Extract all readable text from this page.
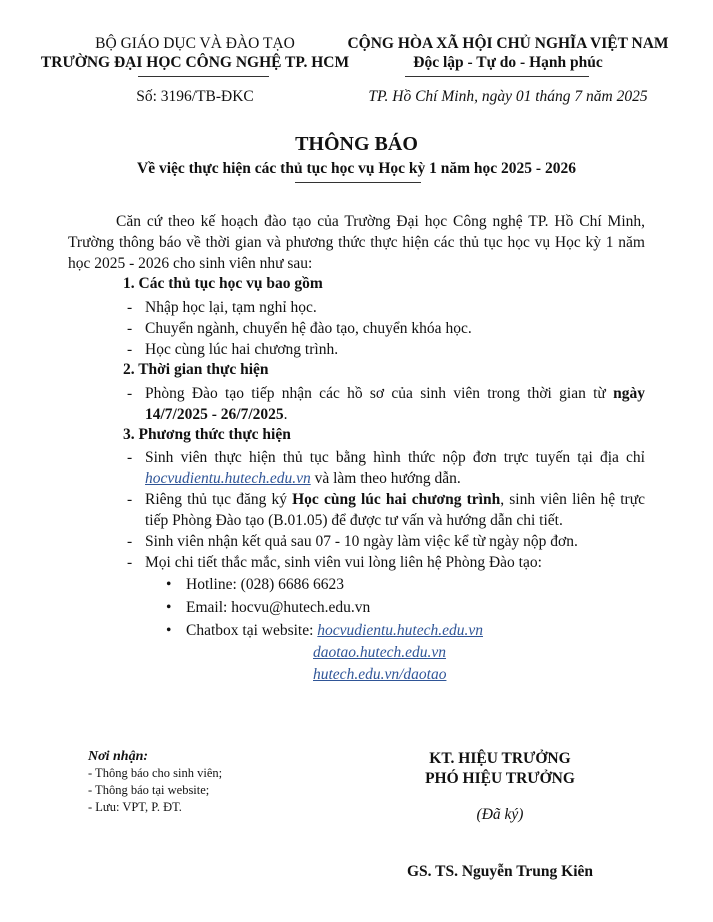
BỘ GIÁO DỤC VÀ ĐÀO TẠO
TRƯỜNG ĐẠI HỌC CÔNG NGHỆ TP. HCM
Số: 3196/TB-ĐKC
CỘNG HÒA XÃ HỘI CHỦ NGHĨA VIỆT NAM
Độc lập - Tự do - Hạnh phúc
TP. Hồ Chí Minh, ngày 01 tháng 7 năm 2025
THÔNG BÁO
Về việc thực hiện các thủ tục học vụ Học kỳ 1 năm học 2025 - 2026
Căn cứ theo kế hoạch đào tạo của Trường Đại học Công nghệ TP. Hồ Chí Minh, Trường thông báo về thời gian và phương thức thực hiện các thủ tục học vụ Học kỳ 1 năm học 2025 - 2026 cho sinh viên như sau:
1. Các thủ tục học vụ bao gồm
- Nhập học lại, tạm nghỉ học.
- Chuyển ngành, chuyển hệ đào tạo, chuyển khóa học.
- Học cùng lúc hai chương trình.
2. Thời gian thực hiện
- Phòng Đào tạo tiếp nhận các hồ sơ của sinh viên trong thời gian từ ngày 14/7/2025 - 26/7/2025.
3. Phương thức thực hiện
- Sinh viên thực hiện thủ tục bằng hình thức nộp đơn trực tuyến tại địa chỉ hocvudientu.hutech.edu.vn và làm theo hướng dẫn.
- Riêng thủ tục đăng ký Học cùng lúc hai chương trình, sinh viên liên hệ trực tiếp Phòng Đào tạo (B.01.05) để được tư vấn và hướng dẫn chi tiết.
- Sinh viên nhận kết quả sau 07 - 10 ngày làm việc kể từ ngày nộp đơn.
- Mọi chi tiết thắc mắc, sinh viên vui lòng liên hệ Phòng Đào tạo:
• Hotline: (028) 6686 6623
• Email: hocvu@hutech.edu.vn
• Chatbox tại website: hocvudientu.hutech.edu.vn
daotao.hutech.edu.vn
hutech.edu.vn/daotao
Nơi nhận:
- Thông báo cho sinh viên;
- Thông báo tại website;
- Lưu: VPT, P. ĐT.
KT. HIỆU TRƯỞNG
PHÓ HIỆU TRƯỞNG
(Đã ký)
GS. TS. Nguyễn Trung Kiên
